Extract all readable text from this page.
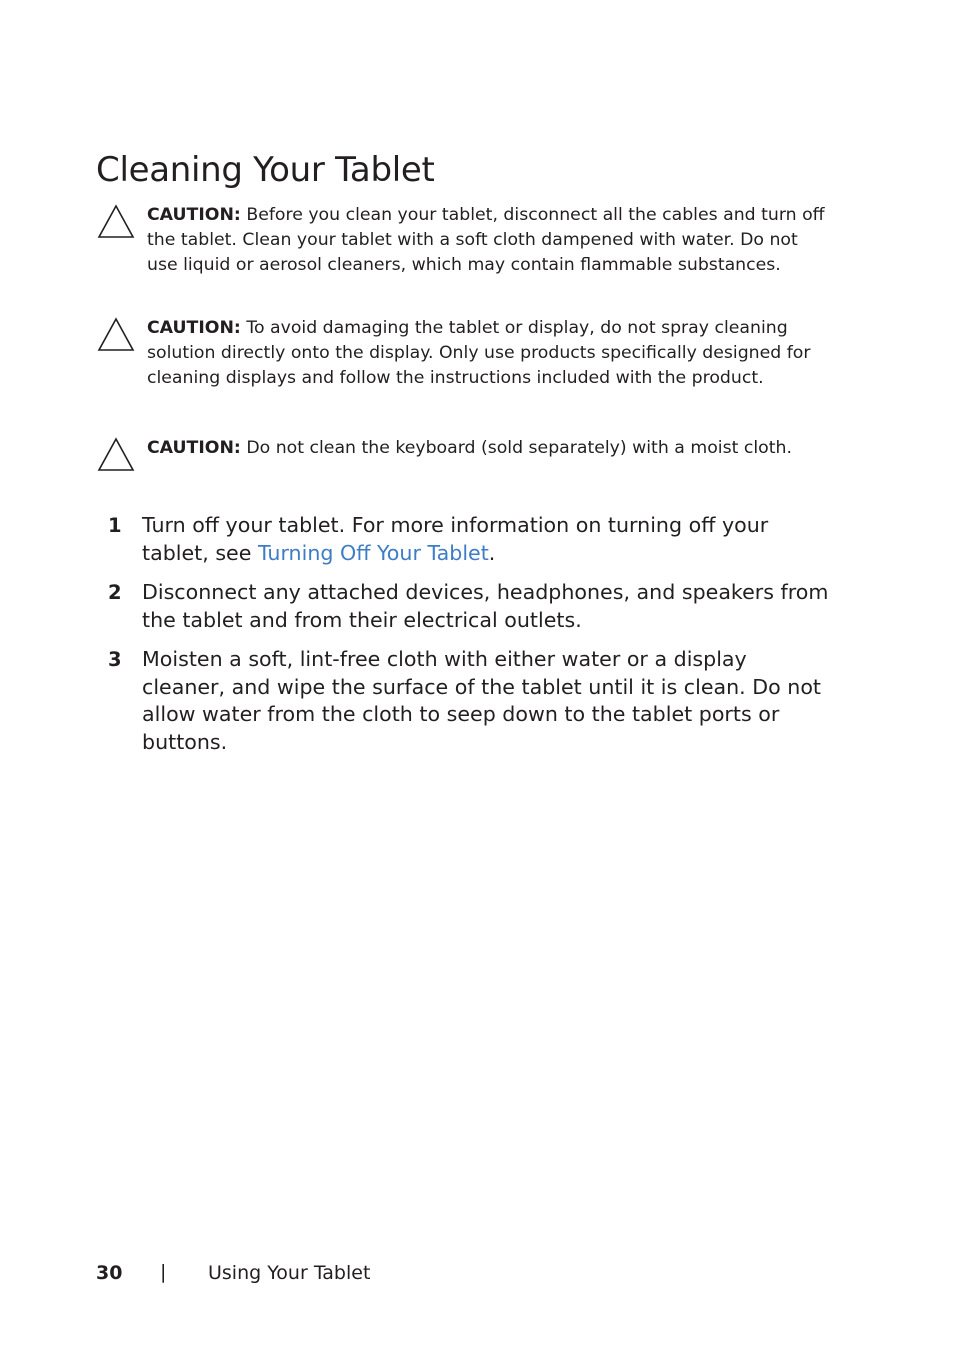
Cleaning Your Tablet
CAUTION: Before you clean your tablet, disconnect all the cables and turn off the tablet. Clean your tablet with a soft cloth dampened with water. Do not use liquid or aerosol cleaners, which may contain flammable substances.
CAUTION: To avoid damaging the tablet or display, do not spray cleaning solution directly onto the display. Only use products specifically designed for cleaning displays and follow the instructions included with the product.
CAUTION: Do not clean the keyboard (sold separately) with a moist cloth.
1 Turn off your tablet. For more information on turning off your tablet, see Turning Off Your Tablet.
2 Disconnect any attached devices, headphones, and speakers from the tablet and from their electrical outlets.
3 Moisten a soft, lint-free cloth with either water or a display cleaner, and wipe the surface of the tablet until it is clean. Do not allow water from the cloth to seep down to the tablet ports or buttons.
30 | Using Your Tablet
